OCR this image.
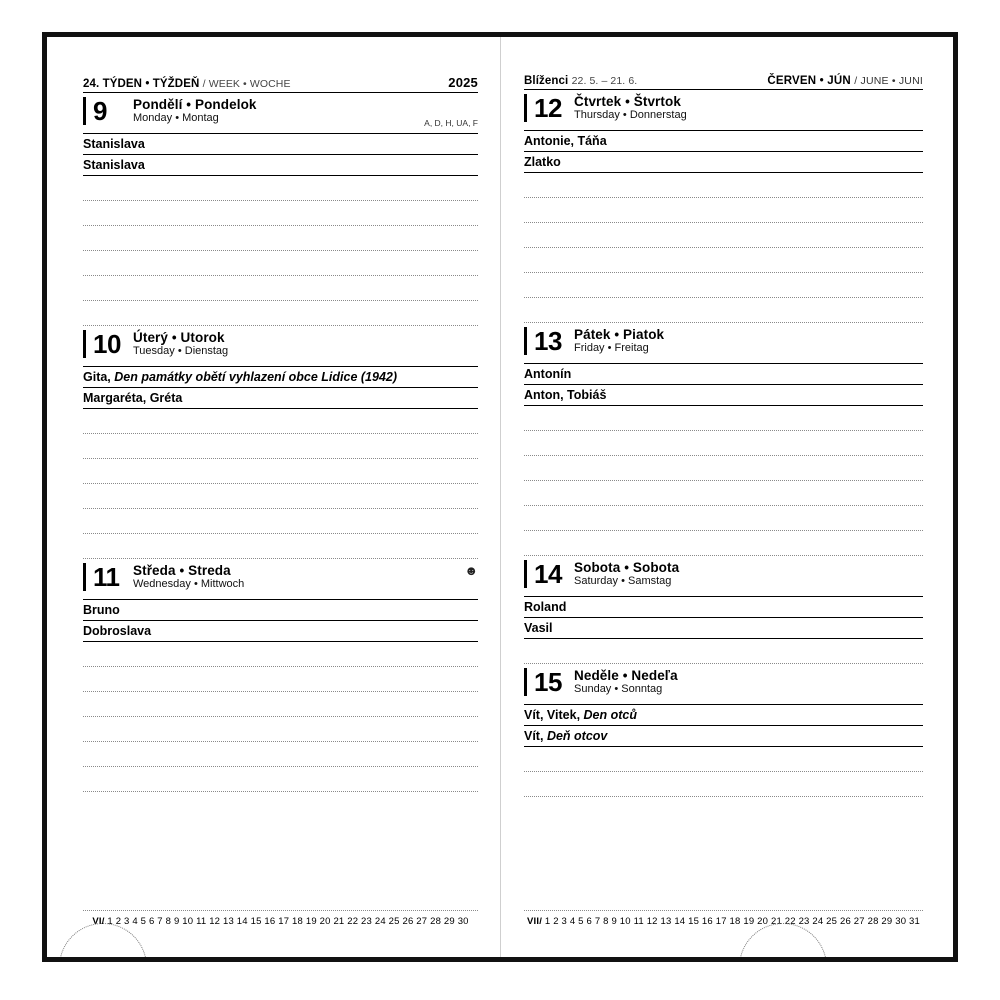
24. TÝDEN • TÝŽDEŇ / WEEK • WOCHE	2025
9	Pondělí • Pondelok
Monday • Montag	A, D, H, UA, F
Stanislava
Stanislava
10 Úterý • Utorok
Tuesday • Dienstag
Gita, Den památky obětí vyhlazení obce Lidice (1942)
Margaréta, Gréta
11	Středa • Streda
Wednesday • Mittwoch
☻
Bruno
Dobroslava
VI/ 1 2 3 4 5 6 7 8 9 10 11 12 13 14 15 16 17 18 19 20 21 22 23 24 25 26 27 28 29 30
Blíženci 22. 5. – 21. 6.	ČERVEN • JÚN / JUNE • JUNI
12 Čtvrtek • Štvrtok
Thursday • Donnerstag
Antonie, Táňa
Zlatko
13 Pátek • Piatok
Friday • Freitag
Antonín
Anton, Tobiáš
14 Sobota • Sobota
Saturday • Samstag
Roland
Vasil
15 Neděle • Nedeľa
Sunday • Sonntag
Vít, Vitek, Den otců
Vít, Deň otcov
VII/ 1 2 3 4 5 6 7 8 9 10 11 12 13 14 15 16 17 18 19 20 21 22 23 24 25 26 27 28 29 30 31
